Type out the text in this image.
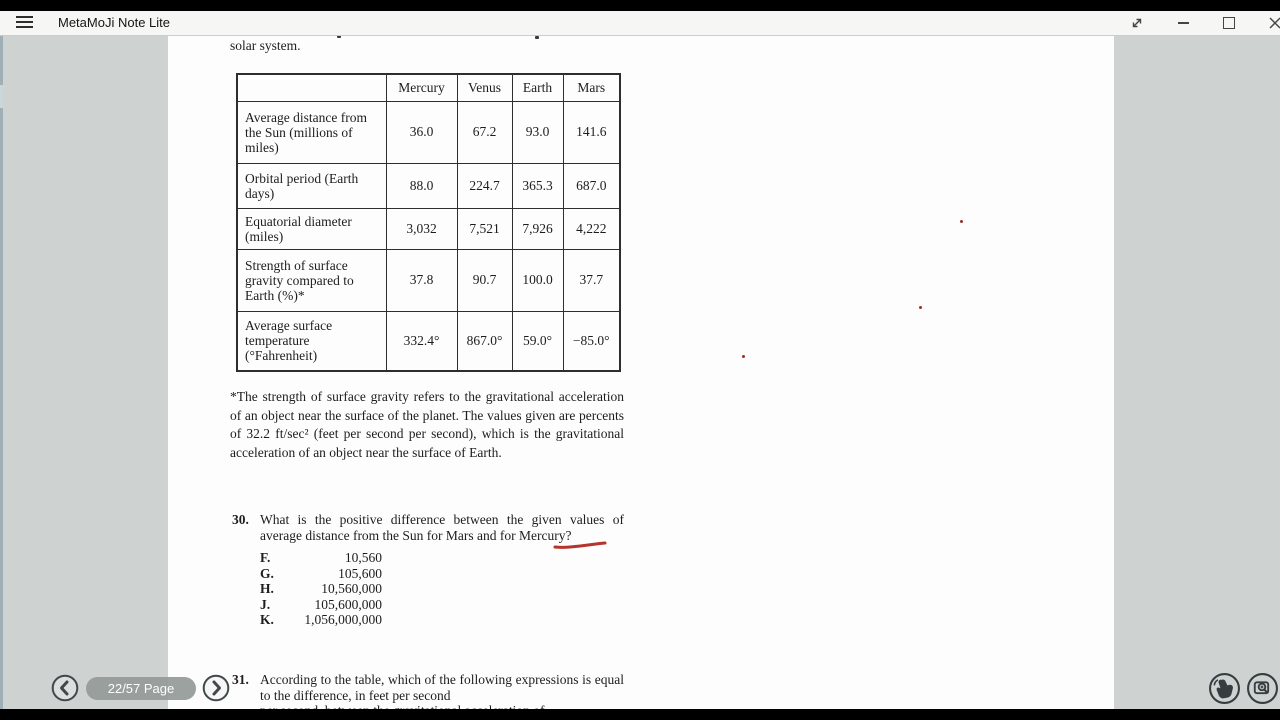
MetaMoJi Note Lite
solar system.
	Mercury	Venus	Earth	Mars
Average distance from the Sun (millions of miles)	36.0	67.2	93.0	141.6
Orbital period (Earth days)	88.0	224.7	365.3	687.0
Equatorial diameter (miles)	3,032	7,521	7,926	4,222
Strength of surface gravity compared to Earth (%)*	37.8	90.7	100.0	37.7
Average surface temperature (°Fahrenheit)	332.4°	867.0°	59.0°	−85.0°
*The strength of surface gravity refers to the gravitational acceleration of an object near the surface of the planet. The values given are percents of 32.2 ft/sec² (feet per second per second), which is the gravitational acceleration of an object near the surface of Earth.
30. What is the positive difference between the given values of average distance from the Sun for Mars and for Mercury?
F.	10,560
G.	105,600
H.	10,560,000
J.	105,600,000
K.	1,056,000,000
31. According to the table, which of the following expressions is equal to the difference, in feet per second
22/57 Page
